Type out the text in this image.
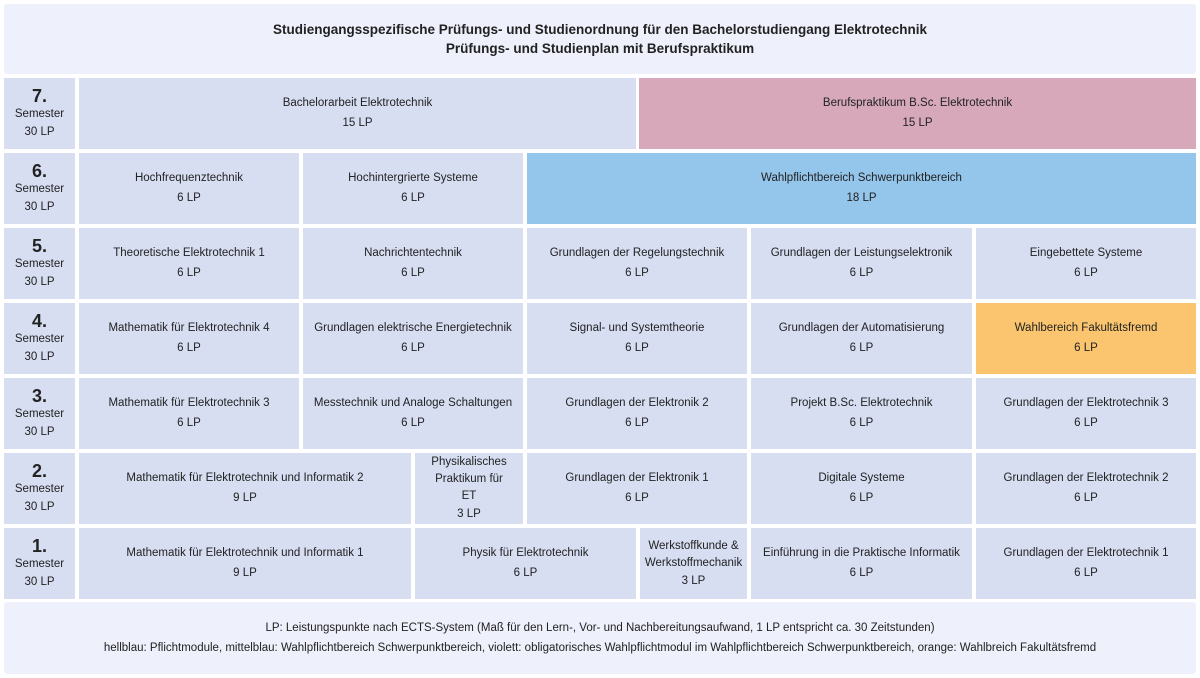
Studiengangsspezifische Prüfungs- und Studienordnung für den Bachelorstudiengang Elektrotechnik
Prüfungs- und Studienplan mit Berufspraktikum
7.
Semester
30 LP
Bachelorarbeit Elektrotechnik
15 LP
Berufspraktikum B.Sc. Elektrotechnik
15 LP
6.
Semester
30 LP
Hochfrequenztechnik
6 LP
Hochintergrierte Systeme
6 LP
Wahlpflichtbereich Schwerpunktbereich
18 LP
5.
Semester
30 LP
Theoretische Elektrotechnik 1
6 LP
Nachrichtentechnik
6 LP
Grundlagen der Regelungstechnik
6 LP
Grundlagen der Leistungselektronik
6 LP
Eingebettete Systeme
6 LP
4.
Semester
30 LP
Mathematik für Elektrotechnik 4
6 LP
Grundlagen elektrische Energietechnik
6 LP
Signal- und Systemtheorie
6 LP
Grundlagen der Automatisierung
6 LP
Wahlbereich Fakultätsfremd
6 LP
3.
Semester
30 LP
Mathematik für Elektrotechnik 3
6 LP
Messtechnik und Analoge Schaltungen
6 LP
Grundlagen der Elektronik 2
6 LP
Projekt B.Sc. Elektrotechnik
6 LP
Grundlagen der Elektrotechnik 3
6 LP
2.
Semester
30 LP
Mathematik für Elektrotechnik und Informatik 2
9 LP
Physikalisches Praktikum für ET
3 LP
Grundlagen der Elektronik 1
6 LP
Digitale Systeme
6 LP
Grundlagen der Elektrotechnik 2
6 LP
1.
Semester
30 LP
Mathematik für Elektrotechnik und Informatik 1
9 LP
Physik für Elektrotechnik
6 LP
Werkstoffkunde & Werkstoffmechanik
3 LP
Einführung in die Praktische Informatik
6 LP
Grundlagen der Elektrotechnik 1
6 LP
LP: Leistungspunkte nach ECTS-System (Maß für den Lern-, Vor- und Nachbereitungsaufwand, 1 LP entspricht ca. 30 Zeitstunden)
hellblau: Pflichtmodule, mittelblau: Wahlpflichtbereich Schwerpunktbereich, violett: obligatorisches Wahlpflichtmodul im Wahlpflichtbereich Schwerpunktbereich, orange: Wahlbreich Fakultätsfremd
